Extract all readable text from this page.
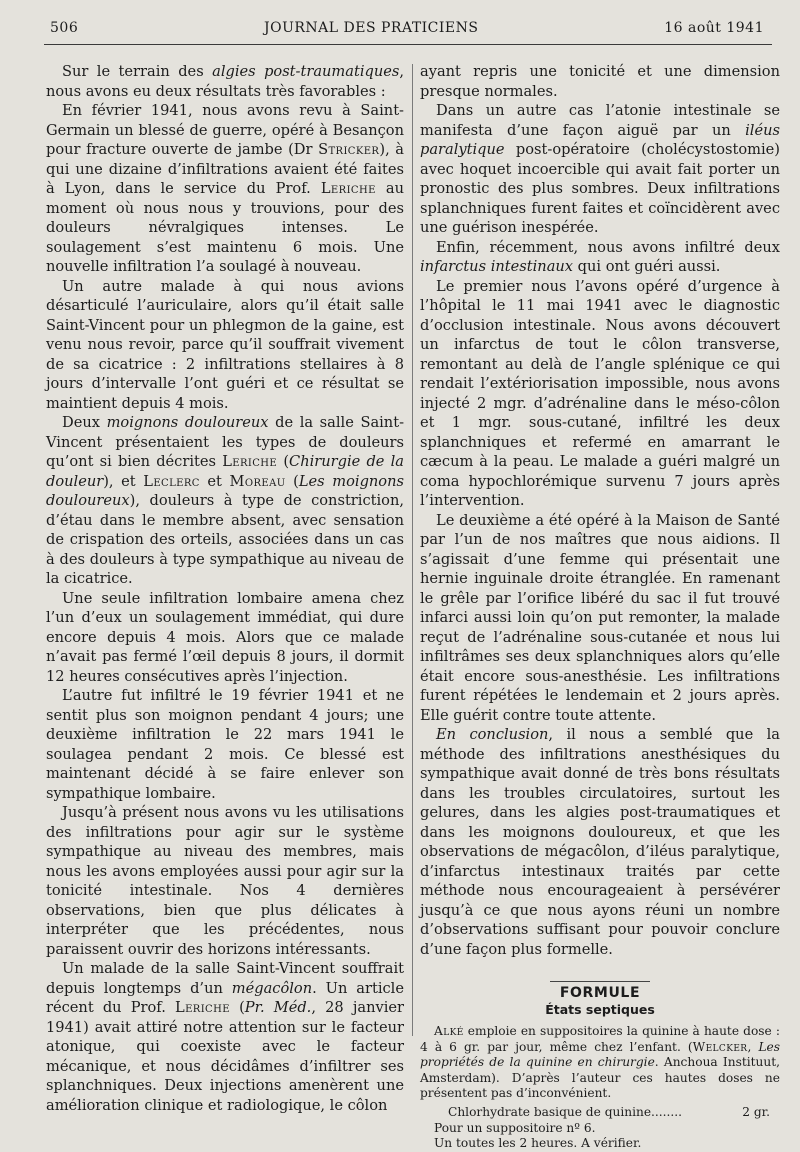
506	JOURNAL DES PRATICIENS	16 août 1941

Sur le terrain des algies post-traumatiques, nous avons eu deux résultats très favorables :

En février 1941, nous avons revu à Saint-Germain un blessé de guerre, opéré à Besançon pour fracture ouverte de jambe (Dr Stricker), à qui une dizaine d’infiltrations avaient été faites à Lyon, dans le service du Prof. Leriche au moment où nous nous y trouvions, pour des douleurs névralgiques intenses. Le soulagement s’est maintenu 6 mois. Une nouvelle infiltration l’a soulagé à nouveau.

Un autre malade à qui nous avions désarticulé l’auriculaire, alors qu’il était salle Saint-Vincent pour un phlegmon de la gaine, est venu nous revoir, parce qu’il souffrait vivement de sa cicatrice : 2 infiltrations stellaires à 8 jours d’intervalle l’ont guéri et ce résultat se maintient depuis 4 mois.

Deux moignons douloureux de la salle Saint-Vincent présentaient les types de douleurs qu’ont si bien décrites Leriche (Chirurgie de la douleur), et Leclerc et Moreau (Les moignons douloureux), douleurs à type de constriction, d’étau dans le membre absent, avec sensation de crispation des orteils, associées dans un cas à des douleurs à type sympathique au niveau de la cicatrice.

Une seule infiltration lombaire amena chez l’un d’eux un soulagement immédiat, qui dure encore depuis 4 mois. Alors que ce malade n’avait pas fermé l’œil depuis 8 jours, il dormit 12 heures consécutives après l’injection.

L’autre fut infiltré le 19 février 1941 et ne sentit plus son moignon pendant 4 jours; une deuxième infiltration le 22 mars 1941 le soulagea pendant 2 mois. Ce blessé est maintenant décidé à se faire enlever son sympathique lombaire.

Jusqu’à présent nous avons vu les utilisations des infiltrations pour agir sur le système sympathique au niveau des membres, mais nous les avons employées aussi pour agir sur la tonicité intestinale. Nos 4 dernières observations, bien que plus délicates à interpréter que les précédentes, nous paraissent ouvrir des horizons intéressants.

Un malade de la salle Saint-Vincent souffrait depuis longtemps d’un mégacôlon. Un article récent du Prof. Leriche (Pr. Méd., 28 janvier 1941) avait attiré notre attention sur le facteur atonique, qui coexiste avec le facteur mécanique, et nous décidâmes d’infiltrer ses splanchniques. Deux injections amenèrent une amélioration clinique et radiologique, le côlon

ayant repris une tonicité et une dimension presque normales.

Dans un autre cas l’atonie intestinale se manifesta d’une façon aiguë par un iléus paralytique post-opératoire (cholécystostomie) avec hoquet incoercible qui avait fait porter un pronostic des plus sombres. Deux infiltrations splanchniques furent faites et coïncidèrent avec une guérison inespérée.

Enfin, récemment, nous avons infiltré deux infarctus intestinaux qui ont guéri aussi.

Le premier nous l’avons opéré d’urgence à l’hôpital le 11 mai 1941 avec le diagnostic d’occlusion intestinale. Nous avons découvert un infarctus de tout le côlon transverse, remontant au delà de l’angle splénique ce qui rendait l’extériorisation impossible, nous avons injecté 2 mgr. d’adrénaline dans le méso-côlon et 1 mgr. sous-cutané, infiltré les deux splanchniques et refermé en amarrant le cæcum à la peau. Le malade a guéri malgré un coma hypochlorémique survenu 7 jours après l’intervention.

Le deuxième a été opéré à la Maison de Santé par l’un de nos maîtres que nous aidions. Il s’agissait d’une femme qui présentait une hernie inguinale droite étranglée. En ramenant le grêle par l’orifice libéré du sac il fut trouvé infarci aussi loin qu’on put remonter, la malade reçut de l’adrénaline sous-cutanée et nous lui infiltrâmes ses deux splanchniques alors qu’elle était encore sous-anesthésie. Les infiltrations furent répétées le lendemain et 2 jours après. Elle guérit contre toute attente.

En conclusion, il nous a semblé que la méthode des infiltrations anesthésiques du sympathique avait donné de très bons résultats dans les troubles circulatoires, surtout les gelures, dans les algies post-traumatiques et dans les moignons douloureux, et que les observations de mégacôlon, d’iléus paralytique, d’infarctus intestinaux traités par cette méthode nous encourageaient à persévérer jusqu’à ce que nous ayons réuni un nombre d’observations suffisant pour pouvoir conclure d’une façon plus formelle.

FORMULE
États septiques

Alké emploie en suppositoires la quinine à haute dose : 4 à 6 gr. par jour, même chez l’enfant. (Welcker, Les propriétés de la quinine en chirurgie. Anchoua Instituut, Amsterdam). D’après l’auteur ces hautes doses ne présentent pas d’inconvénient.

Chlorhydrate basique de quinine........	2 gr.
Pour un suppositoire nº 6.
Un toutes les 2 heures. A vérifier.
